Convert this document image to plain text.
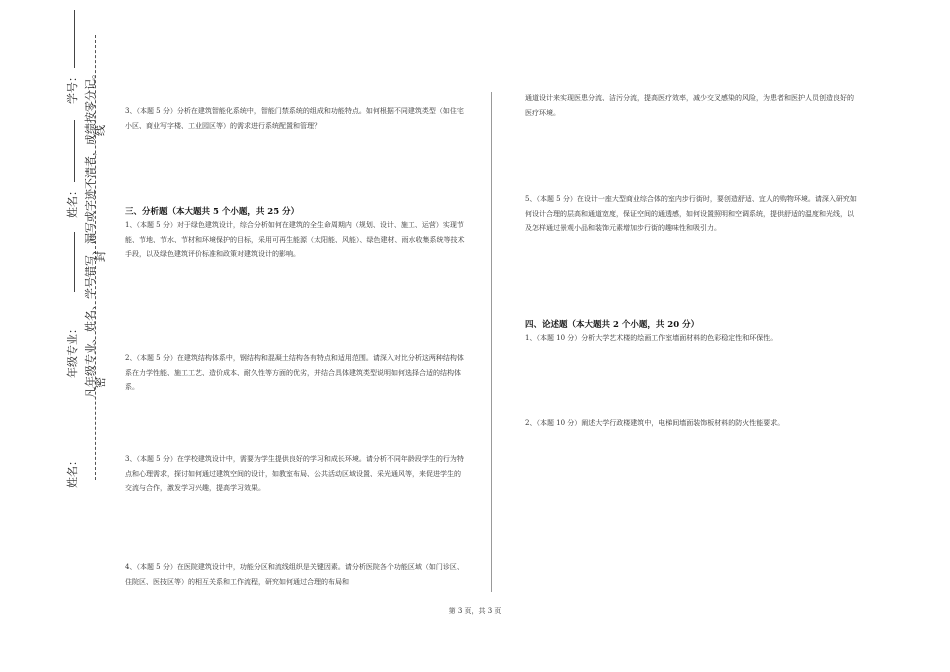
学号：
姓名：
年级专业：
姓名：
凡年级专业、姓名、学号错写、漏写或字迹不清者，成绩按零分记。
线
封
密
3、（本题 5 分）分析在建筑智能化系统中，智能门禁系统的组成和功能特点。如何根据不同建筑类型（如住宅小区、商业写字楼、工业园区等）的需求进行系统配置和管理？
三、分析题（本大题共 5 个小题，共 25 分）
1、（本题 5 分）对于绿色建筑设计，综合分析如何在建筑的全生命周期内（规划、设计、施工、运营）实现节能、节地、节水、节材和环境保护的目标，采用可再生能源（太阳能、风能）、绿色建材、雨水收集系统等技术手段，以及绿色建筑评价标准和政策对建筑设计的影响。
2、（本题 5 分）在建筑结构体系中，钢结构和混凝土结构各有特点和适用范围。请深入对比分析这两种结构体系在力学性能、施工工艺、造价成本、耐久性等方面的优劣，并结合具体建筑类型说明如何选择合适的结构体系。
3、（本题 5 分）在学校建筑设计中，需要为学生提供良好的学习和成长环境。请分析不同年龄段学生的行为特点和心理需求，探讨如何通过建筑空间的设计，如教室布局、公共活动区域设置、采光通风等，来促进学生的交流与合作，激发学习兴趣，提高学习效果。
4、（本题 5 分）在医院建筑设计中，功能分区和流线组织是关键因素。请分析医院各个功能区域（如门诊区、住院区、医技区等）的相互关系和工作流程，研究如何通过合理的布局和
通道设计来实现医患分流、洁污分流，提高医疗效率，减少交叉感染的风险，为患者和医护人员创造良好的医疗环境。
5、（本题 5 分）在设计一座大型商业综合体的室内步行街时，要创造舒适、宜人的购物环境。请深入研究如何设计合理的层高和通道宽度，保证空间的通透感，如何设置照明和空调系统，提供舒适的温度和光线，以及怎样通过景观小品和装饰元素增加步行街的趣味性和吸引力。
四、论述题（本大题共 2 个小题，共 20 分）
1、（本题 10 分）分析大学艺术楼的绘画工作室墙面材料的色彩稳定性和环保性。
2、（本题 10 分）阐述大学行政楼建筑中，电梯间墙面装饰板材料的防火性能要求。
第 3 页，共 3 页
